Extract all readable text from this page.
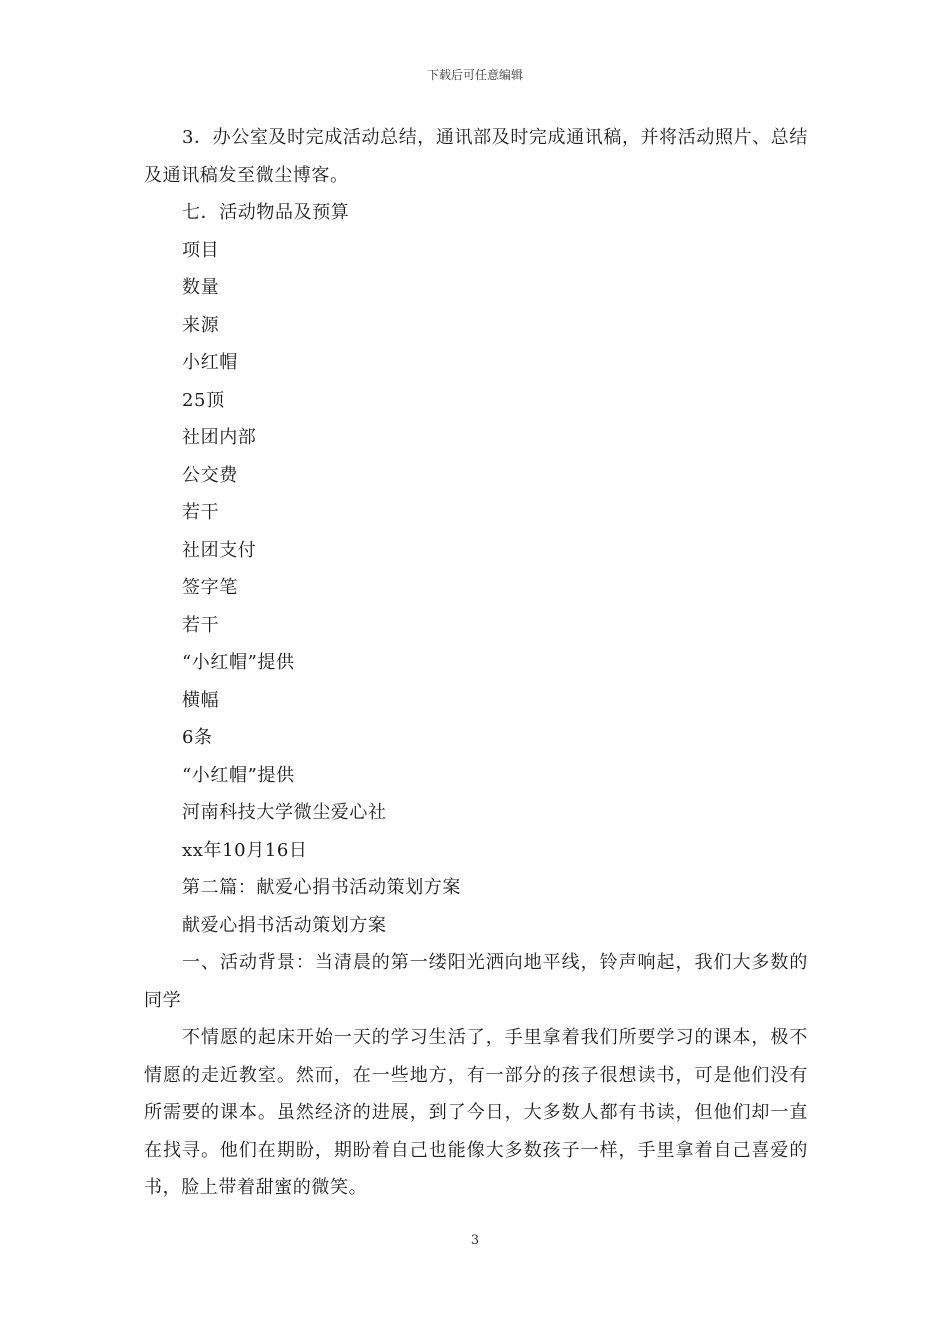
下载后可任意编辑

3．办公室及时完成活动总结，通讯部及时完成通讯稿，并将活动照片、总结及通讯稿发至微尘博客。

七．活动物品及预算

项目

数量

来源

小红帽

25顶

社团内部

公交费

若干

社团支付

签字笔

若干

“小红帽”提供

横幅

6条

“小红帽”提供

河南科技大学微尘爱心社

xx年10月16日

第二篇：献爱心捐书活动策划方案

献爱心捐书活动策划方案

一、活动背景：当清晨的第一缕阳光洒向地平线，铃声响起，我们大多数的同学

不情愿的起床开始一天的学习生活了，手里拿着我们所要学习的课本，极不情愿的走近教室。然而，在一些地方，有一部分的孩子很想读书，可是他们没有所需要的课本。虽然经济的进展，到了今日，大多数人都有书读，但他们却一直在找寻。他们在期盼，期盼着自己也能像大多数孩子一样，手里拿着自己喜爱的书，脸上带着甜蜜的微笑。

3
